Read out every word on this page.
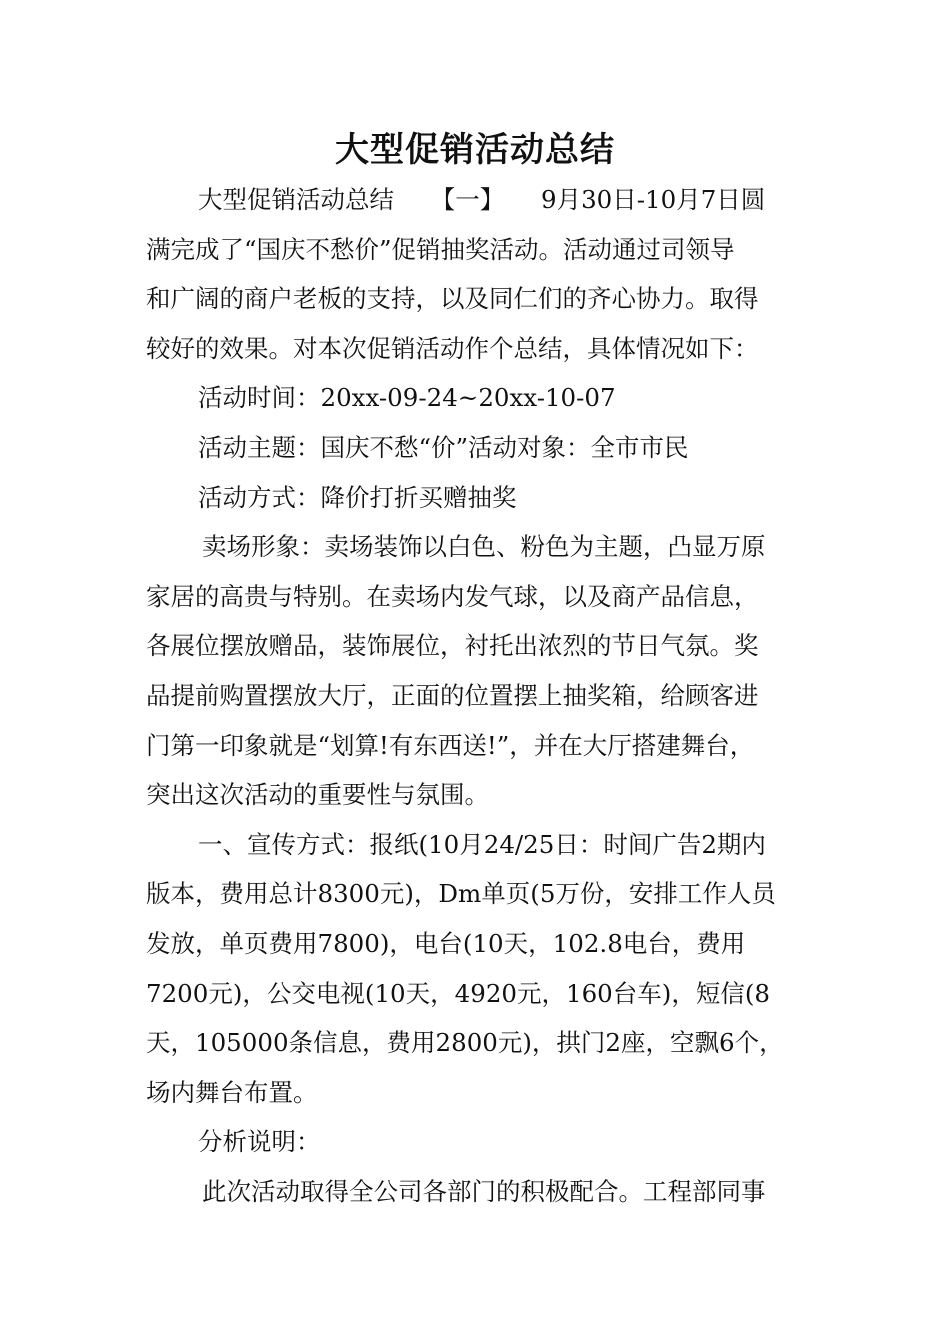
大型促销活动总结
大型促销活动总结　　【一】　　9月30日-10月7日圆
满完成了“国庆不愁价”促销抽奖活动。活动通过司领导
和广阔的商户老板的支持，以及同仁们的齐心协力。取得
较好的效果。对本次促销活动作个总结，具体情况如下：
活动时间：20xx-09-24~20xx-10-07
活动主题：国庆不愁“价”活动对象：全市市民
活动方式：降价打折买赠抽奖
卖场形象：卖场装饰以白色、粉色为主题，凸显万原
家居的高贵与特别。在卖场内发气球，以及商产品信息，
各展位摆放赠品，装饰展位，衬托出浓烈的节日气氛。奖
品提前购置摆放大厅，正面的位置摆上抽奖箱，给顾客进
门第一印象就是“划算!有东西送!”，并在大厅搭建舞台，
突出这次活动的重要性与氛围。
一、宣传方式：报纸(10月24/25日：时间广告2期内
版本，费用总计8300元)，Dm单页(5万份，安排工作人员
发放，单页费用7800)，电台(10天，102.8电台，费用
7200元)，公交电视(10天，4920元，160台车)，短信(8
天，105000条信息，费用2800元)，拱门2座，空飘6个，
场内舞台布置。
分析说明：
此次活动取得全公司各部门的积极配合。工程部同事
